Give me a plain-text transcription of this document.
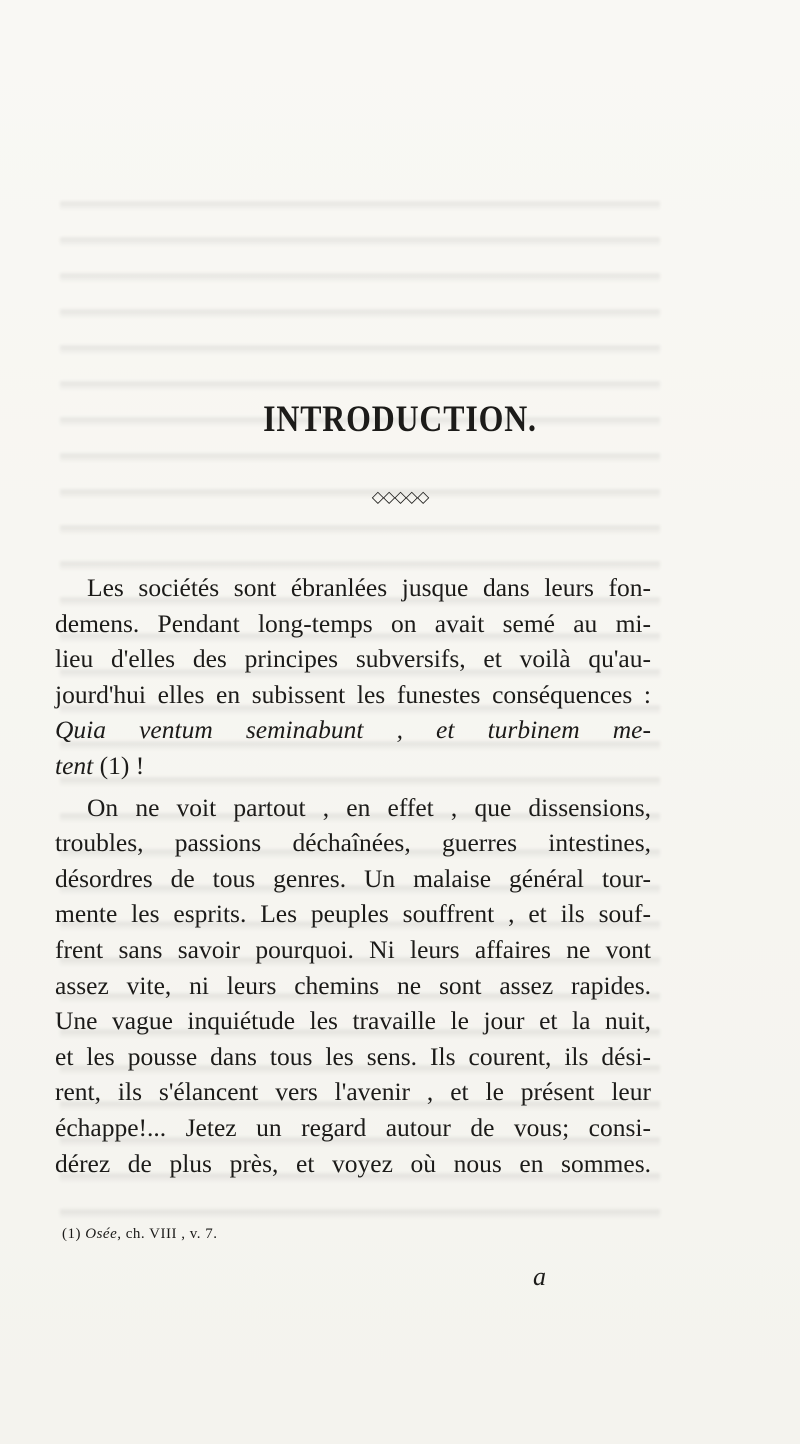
INTRODUCTION.
◇◇◇◇◇
Les sociétés sont ébranlées jusque dans leurs fon-
demens. Pendant long-temps on avait semé au mi-
lieu d'elles des principes subversifs, et voilà qu'au-
jourd'hui elles en subissent les funestes conséquences :
Quia ventum seminabunt , et turbinem me-
tent (1) !
On ne voit partout , en effet , que dissensions,
troubles, passions déchaînées, guerres intestines,
désordres de tous genres. Un malaise général tour-
mente les esprits. Les peuples souffrent , et ils souf-
frent sans savoir pourquoi. Ni leurs affaires ne vont
assez vite, ni leurs chemins ne sont assez rapides.
Une vague inquiétude les travaille le jour et la nuit,
et les pousse dans tous les sens. Ils courent, ils dési-
rent, ils s'élancent vers l'avenir , et le présent leur
échappe!... Jetez un regard autour de vous; consi-
dérez de plus près, et voyez où nous en sommes.
(1) Osée, ch. VIII , v. 7.
a
